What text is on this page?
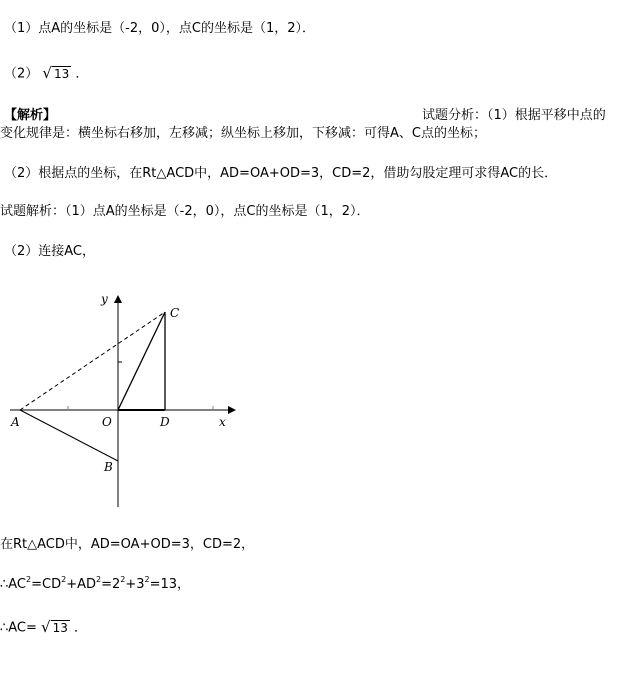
（1）点A的坐标是（-2，0），点C的坐标是（1，2）．
（2） √ 13 ．
【解析】	试题分析：（1）根据平移中点的
变化规律是：横坐标右移加，左移减；纵坐标上移加，下移减：可得A、C点的坐标；
（2）根据点的坐标，在Rt△ACD中，AD=OA+OD=3，CD=2，借助勾股定理可求得AC的长．
试题解析：（1）点A的坐标是（-2，0），点C的坐标是（1，2）．
（2）连接AC，
y
x
A	O	D
C
B
在Rt△ACD中，AD=OA+OD=3，CD=2，
$\therefore AC^2=CD^2+AD^2=2^2+3^2=13$，
∴AC= √ 13 ．
